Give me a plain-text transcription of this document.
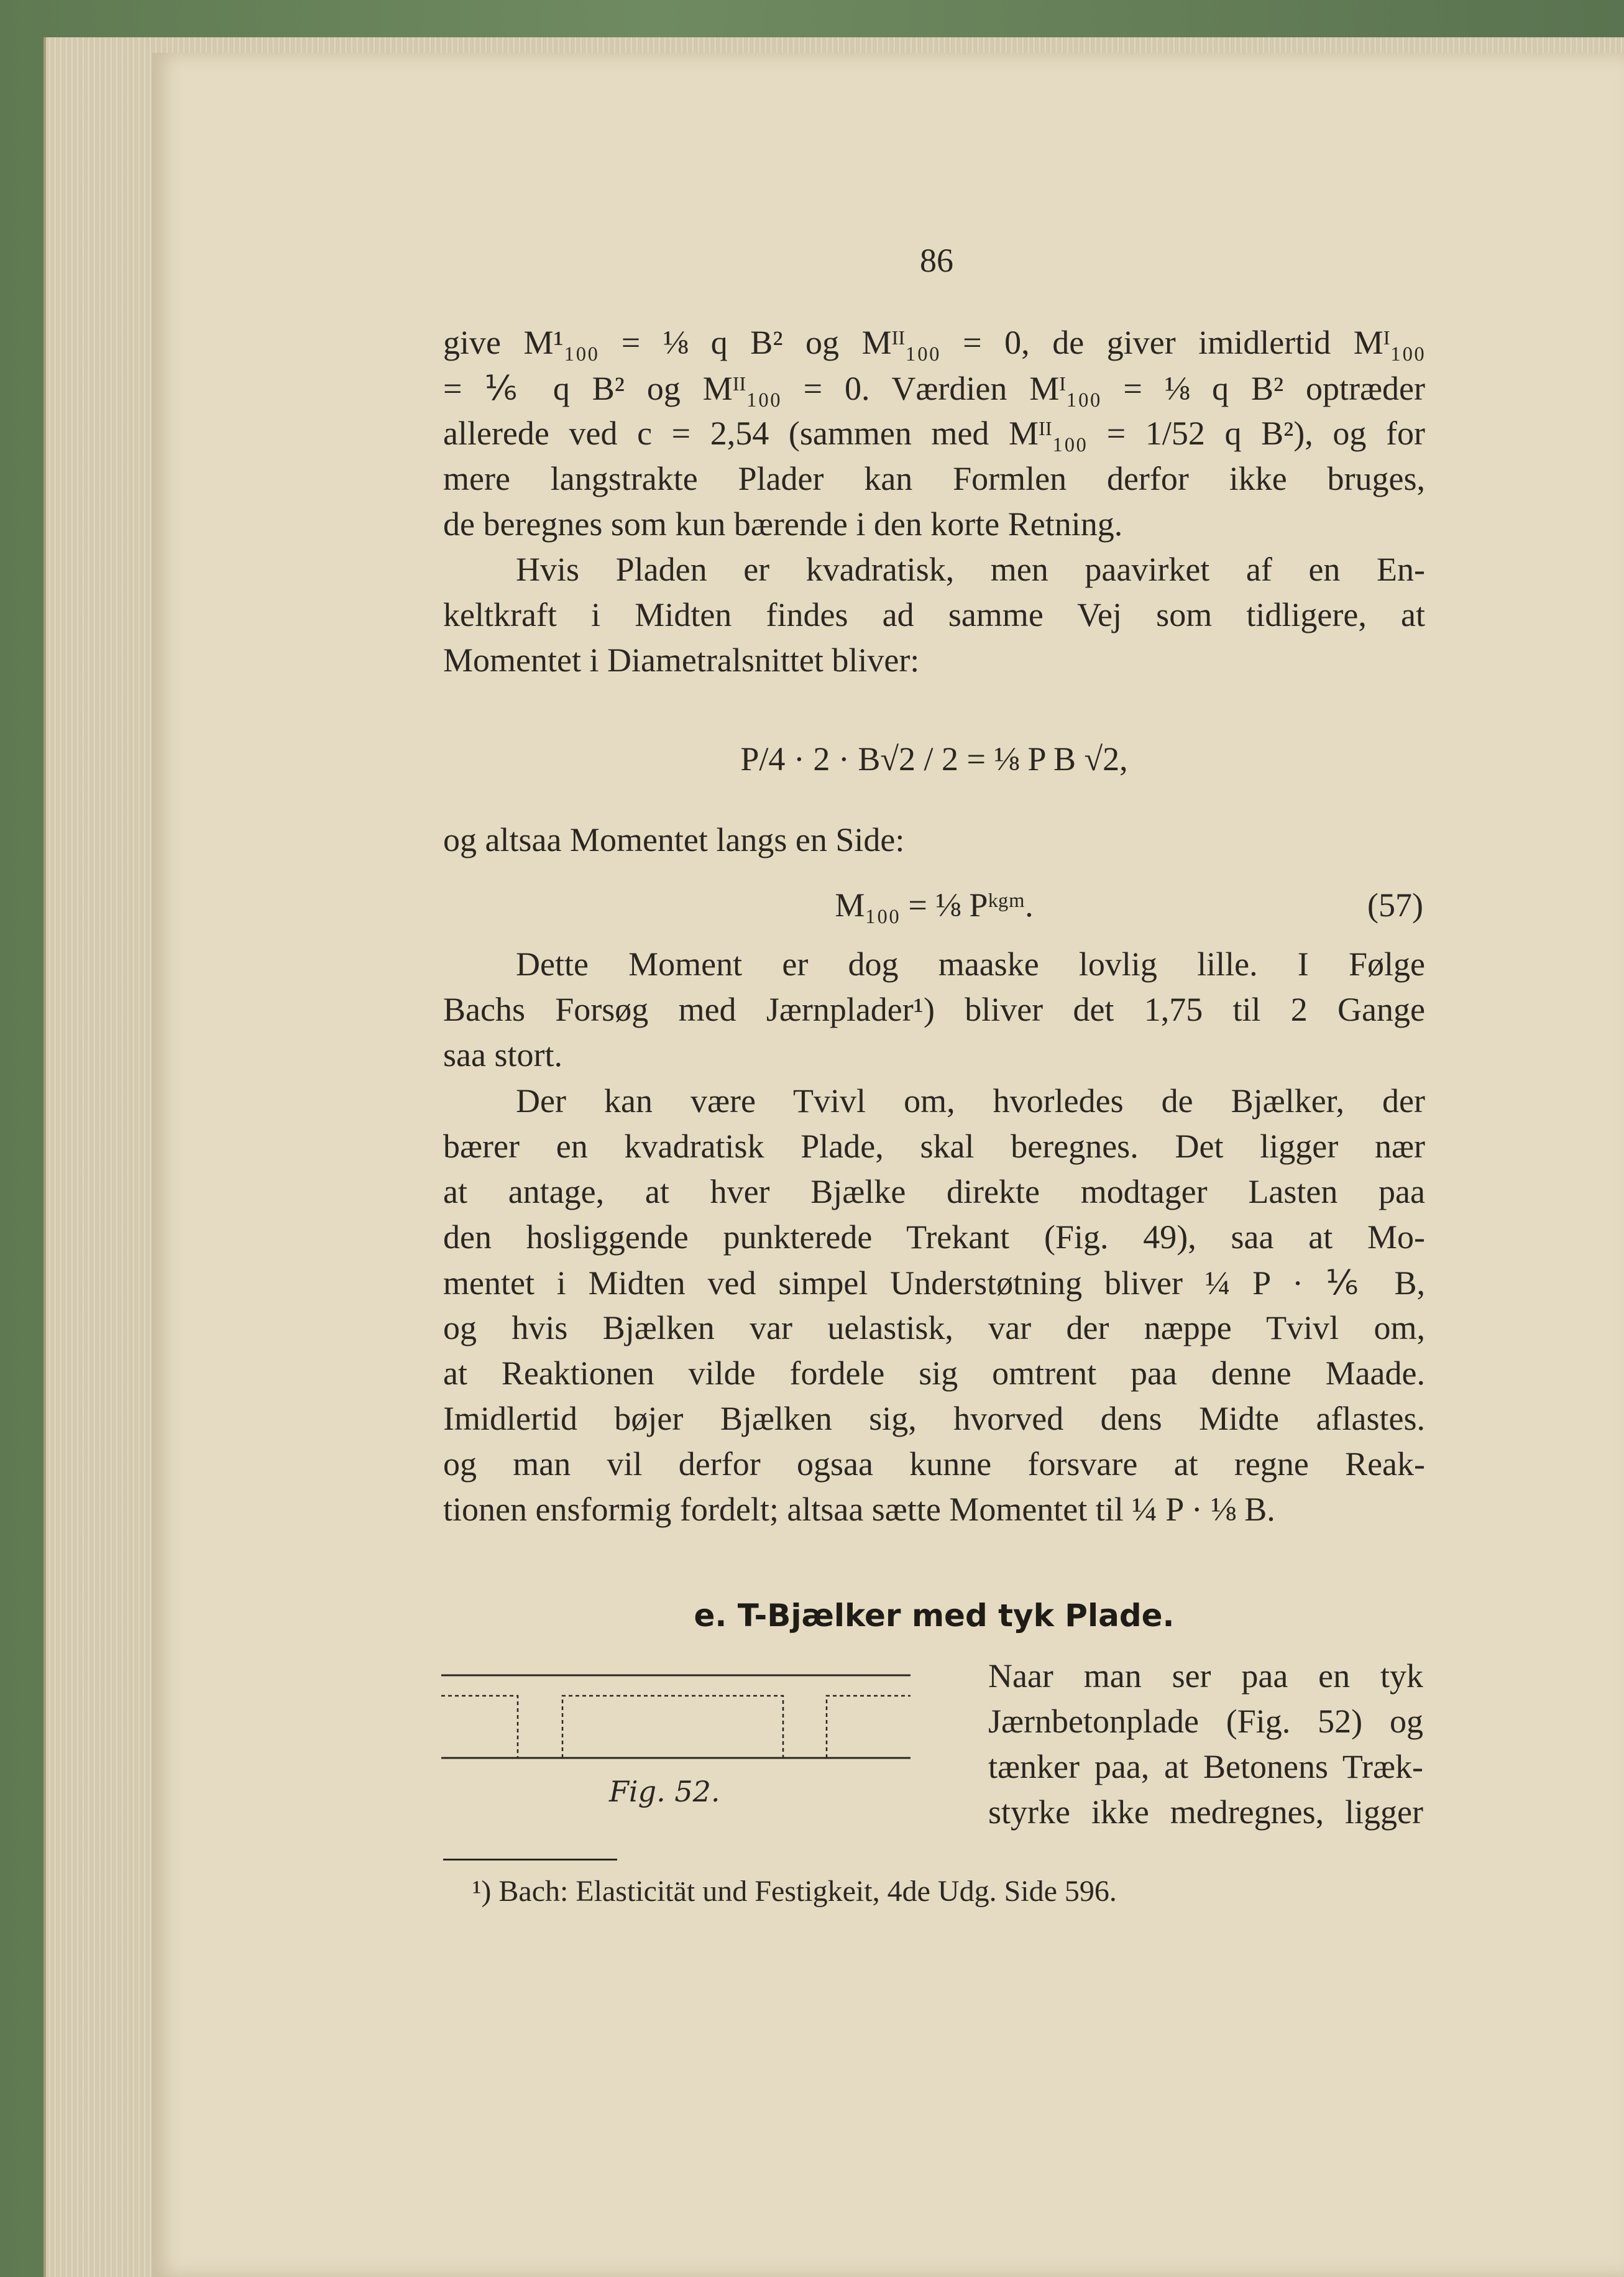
86
give M¹₁₀₀ = ⅛ q B² og Mᴵᴵ₁₀₀ = 0, de giver imidlertid Mᴵ₁₀₀
= ⅙ q B² og Mᴵᴵ₁₀₀ = 0. Værdien Mᴵ₁₀₀ = ⅛ q B² optræder
allerede ved c = 2,54 (sammen med Mᴵᴵ₁₀₀ = 1/52 q B²), og for
mere langstrakte Plader kan Formlen derfor ikke bruges,
de beregnes som kun bærende i den korte Retning.
Hvis Pladen er kvadratisk, men paavirket af en En-
keltkraft i Midten findes ad samme Vej som tidligere, at
Momentet i Diametralsnittet bliver:
P/4 · 2 · B√2 / 2 = ⅛ P B √2,
og altsaa Momentet langs en Side:
M₁₀₀ = ⅛ Pᵏᵍᵐ.	(57)
Dette Moment er dog maaske lovlig lille. I Følge
Bachs Forsøg med Jærnplader¹) bliver det 1,75 til 2 Gange
saa stort.
Der kan være Tvivl om, hvorledes de Bjælker, der
bærer en kvadratisk Plade, skal beregnes. Det ligger nær
at antage, at hver Bjælke direkte modtager Lasten paa
den hosliggende punkterede Trekant (Fig. 49), saa at Mo-
mentet i Midten ved simpel Understøtning bliver ¼ P · ⅙ B,
og hvis Bjælken var uelastisk, var der næppe Tvivl om,
at Reaktionen vilde fordele sig omtrent paa denne Maade.
Imidlertid bøjer Bjælken sig, hvorved dens Midte aflastes.
og man vil derfor ogsaa kunne forsvare at regne Reak-
tionen ensformig fordelt; altsaa sætte Momentet til ¼ P · ⅛ B.
e. T-Bjælker med tyk Plade.
Fig. 52.
Naar man ser paa en tyk
Jærnbetonplade (Fig. 52) og
tænker paa, at Betonens Træk-
styrke ikke medregnes, ligger
¹) Bach: Elasticität und Festigkeit, 4de Udg. Side 596.
